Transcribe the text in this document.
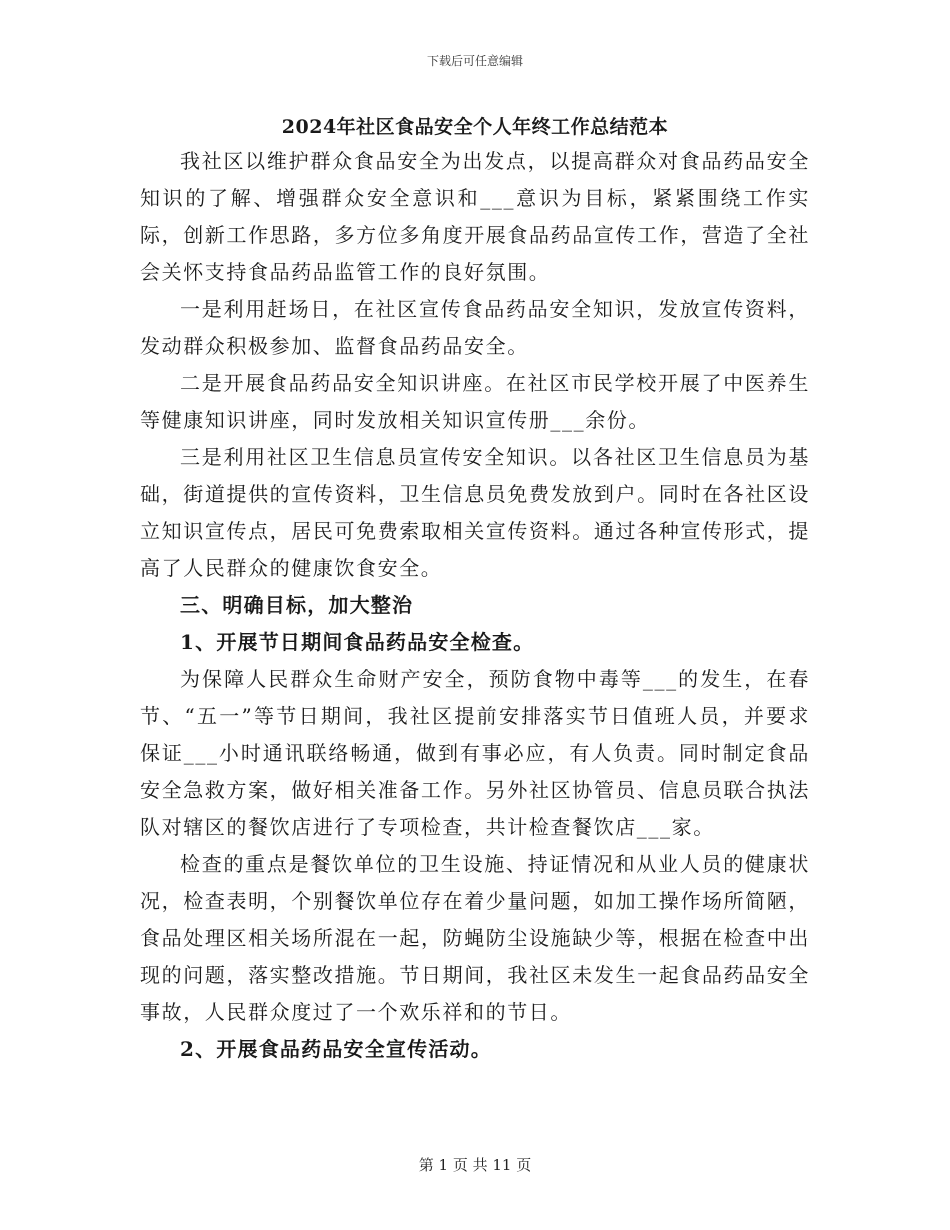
下载后可任意编辑
2024年社区食品安全个人年终工作总结范本

我社区以维护群众食品安全为出发点，以提高群众对食品药品安全知识的了解、增强群众安全意识和___意识为目标，紧紧围绕工作实际，创新工作思路，多方位多角度开展食品药品宣传工作，营造了全社会关怀支持食品药品监管工作的良好氛围。

一是利用赶场日，在社区宣传食品药品安全知识，发放宣传资料，发动群众积极参加、监督食品药品安全。

二是开展食品药品安全知识讲座。在社区市民学校开展了中医养生等健康知识讲座，同时发放相关知识宣传册___余份。

三是利用社区卫生信息员宣传安全知识。以各社区卫生信息员为基础，街道提供的宣传资料，卫生信息员免费发放到户。同时在各社区设立知识宣传点，居民可免费索取相关宣传资料。通过各种宣传形式，提高了人民群众的健康饮食安全。

三、明确目标，加大整治

1、开展节日期间食品药品安全检查。

为保障人民群众生命财产安全，预防食物中毒等___的发生，在春节、“五一”等节日期间，我社区提前安排落实节日值班人员，并要求保证___小时通讯联络畅通，做到有事必应，有人负责。同时制定食品安全急救方案，做好相关准备工作。另外社区协管员、信息员联合执法队对辖区的餐饮店进行了专项检查，共计检查餐饮店___家。

检查的重点是餐饮单位的卫生设施、持证情况和从业人员的健康状况，检查表明，个别餐饮单位存在着少量问题，如加工操作场所简陋，食品处理区相关场所混在一起，防蝇防尘设施缺少等，根据在检查中出现的问题，落实整改措施。节日期间，我社区未发生一起食品药品安全事故，人民群众度过了一个欢乐祥和的节日。

2、开展食品药品安全宣传活动。

第 1 页 共 11 页
